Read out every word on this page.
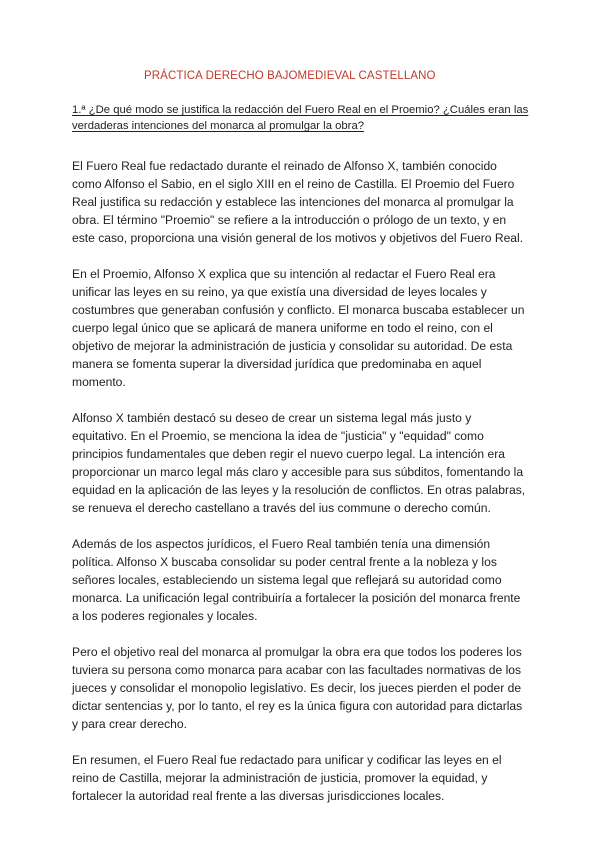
PRÁCTICA DERECHO BAJOMEDIEVAL CASTELLANO
1.ª ¿De qué modo se justifica la redacción del Fuero Real en el Proemio? ¿Cuáles eran las verdaderas intenciones del monarca al promulgar la obra?

El Fuero Real fue redactado durante el reinado de Alfonso X, también conocido como Alfonso el Sabio, en el siglo XIII en el reino de Castilla. El Proemio del Fuero Real justifica su redacción y establece las intenciones del monarca al promulgar la obra. El término "Proemio" se refiere a la introducción o prólogo de un texto, y en este caso, proporciona una visión general de los motivos y objetivos del Fuero Real.

En el Proemio, Alfonso X explica que su intención al redactar el Fuero Real era unificar las leyes en su reino, ya que existía una diversidad de leyes locales y costumbres que generaban confusión y conflicto. El monarca buscaba establecer un cuerpo legal único que se aplicará de manera uniforme en todo el reino, con el objetivo de mejorar la administración de justicia y consolidar su autoridad. De esta manera se fomenta superar la diversidad jurídica que predominaba en aquel momento.

Alfonso X también destacó su deseo de crear un sistema legal más justo y equitativo. En el Proemio, se menciona la idea de "justicia" y "equidad" como principios fundamentales que deben regir el nuevo cuerpo legal. La intención era proporcionar un marco legal más claro y accesible para sus súbditos, fomentando la equidad en la aplicación de las leyes y la resolución de conflictos. En otras palabras, se renueva el derecho castellano a través del ius commune o derecho común.

Además de los aspectos jurídicos, el Fuero Real también tenía una dimensión política. Alfonso X buscaba consolidar su poder central frente a la nobleza y los señores locales, estableciendo un sistema legal que reflejará su autoridad como monarca. La unificación legal contribuiría a fortalecer la posición del monarca frente a los poderes regionales y locales.

Pero el objetivo real del monarca al promulgar la obra era que todos los poderes los tuviera su persona como monarca para acabar con las facultades normativas de los jueces y consolidar el monopolio legislativo. Es decir, los jueces pierden el poder de dictar sentencias y, por lo tanto, el rey es la única figura con autoridad para dictarlas y para crear derecho.

En resumen, el Fuero Real fue redactado para unificar y codificar las leyes en el reino de Castilla, mejorar la administración de justicia, promover la equidad, y fortalecer la autoridad real frente a las diversas jurisdicciones locales.
